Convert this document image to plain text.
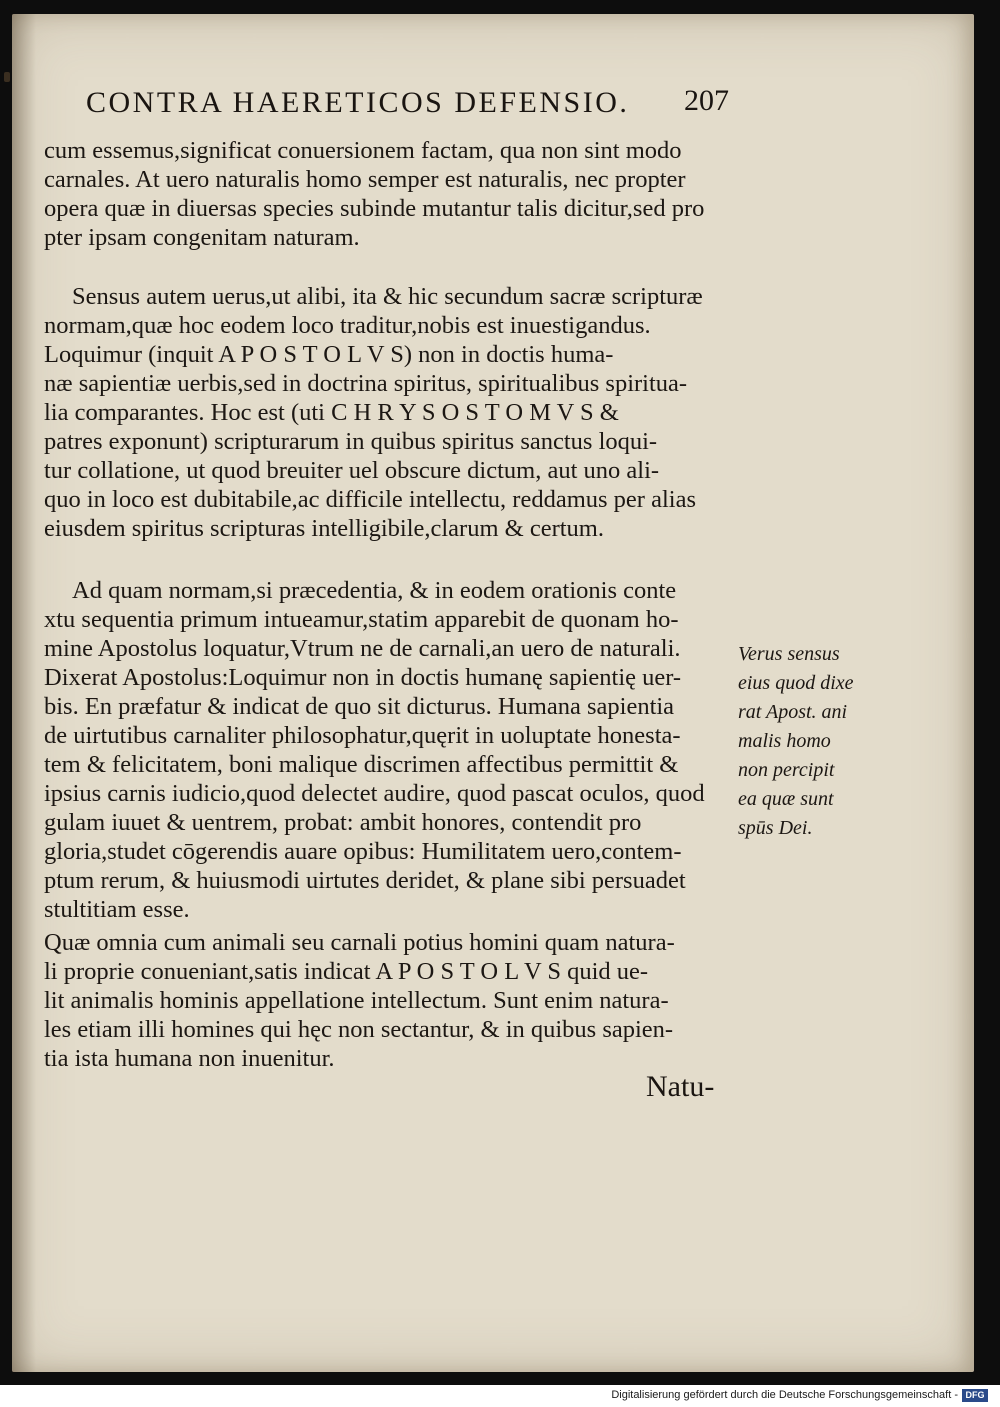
CONTRA HAERETICOS DEFENSIO.	207
cum essemus,significat conuersionem factam, qua non sint modo
carnales. At uero naturalis homo semper est naturalis, nec propter
opera quæ in diuersas species subinde mutantur talis dicitur,sed pro
pter ipsam congenitam naturam.
Sensus autem uerus,ut alibi, ita & hic secundum sacræ scripturæ
normam,quæ hoc eodem loco traditur,nobis est inuestigandus.
Loquimur (inquit A P O S T O L V S) non in doctis huma-
næ sapientiæ uerbis,sed in doctrina spiritus, spiritualibus spiritua-
lia comparantes. Hoc est (uti C H R Y S O S T O M V S &
patres exponunt) scripturarum in quibus spiritus sanctus loqui-
tur collatione, ut quod breuiter uel obscure dictum, aut uno ali-
quo in loco est dubitabile,ac difficile intellectu, reddamus per alias
eiusdem spiritus scripturas intelligibile,clarum & certum.
Ad quam normam,si præcedentia, & in eodem orationis conte
xtu sequentia primum intueamur,statim apparebit de quonam ho-
mine Apostolus loquatur,Vtrum ne de carnali,an uero de naturali.
Dixerat Apostolus:Loquimur non in doctis humanę sapientię uer-
bis. En præfatur & indicat de quo sit dicturus. Humana sapientia
de uirtutibus carnaliter philosophatur,quęrit in uoluptate honesta-
tem & felicitatem, boni malique discrimen affectibus permittit &
ipsius carnis iudicio,quod delectet audire, quod pascat oculos, quod
gulam iuuet & uentrem, probat: ambit honores, contendit pro
gloria,studet cōgerendis auare opibus: Humilitatem uero,contem-
ptum rerum, & huiusmodi uirtutes deridet, & plane sibi persuadet
stultitiam esse.
Quæ omnia cum animali seu carnali potius homini quam natura-
li proprie conueniant,satis indicat A P O S T O L V S quid ue-
lit animalis hominis appellatione intellectum. Sunt enim natura-
les etiam illi homines qui hęc non sectantur, & in quibus sapien-
tia ista humana non inuenitur.
Verus sensus
eius quod dixe
rat Apost. ani
malis homo
non percipit
ea quæ sunt
spūs Dei.
Natu-
Digitalisierung gefördert durch die Deutsche Forschungsgemeinschaft - DFG
